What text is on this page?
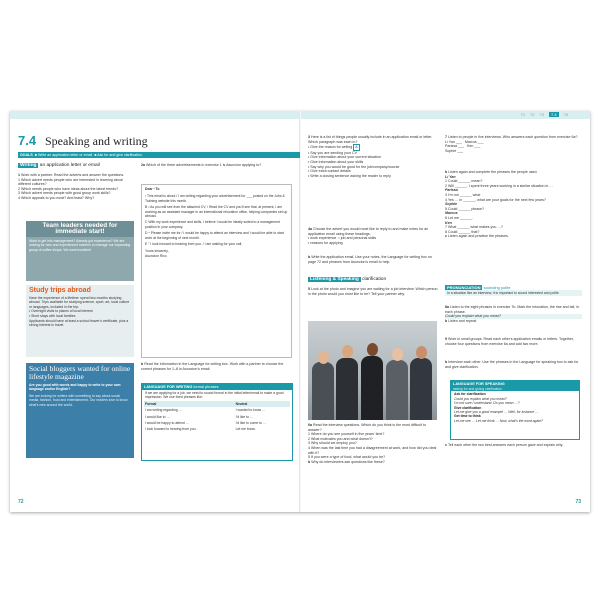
71 72 73	7.4	75
7.4 Speaking and writing
GOALS  ■ Write an application letter or email  ■ Ask for and give clarification
Writing an application letter or email
1 Work with a partner. Read the adverts and answer the questions.
1 Which advert needs people who are interested in learning about different cultures?
2 Which needs people who have ideas about the latest trends?
3 Which advert needs people with good group work skills?
4 Which appeals to you most? And least? Why?
Team leaders needed for immediate start!
Want to get into management? Already got experience? We are looking for new and experienced trainees to manage our expanding group of coffee shops. We want excellent
Study trips abroad
Have the experience of a lifetime: spend two months studying abroad. Trips available for studying science, sport, art, local culture or languages, included in the trip:
• Overnight visits to places of local interest
• Short stays with local families
Applicants should have at least a school leaver's certificate, plus a strong interest in travel.
Social bloggers wanted for online lifestyle magazine
Are you good with words and happy to write to your own language and/or English?
We are looking for writers with something to say about social media, fashion, food and entertainment. Our readers love to know what's new around the world.
2a Which of the three advertisements in exercise 1 is Asuncion applying to?
Dear ¹ To
¹ This email is about / I am writing regarding your advertisement for ___ posted on the Jobs & Training website this month.
B ² As you will see from the attached CV, / Read the CV and you'll see that, at present, I am working as an assistant manager in an international relocation office, helping companies set up abroad.
C With my work experience and skills, I believe I would be ideally suited to a management position in your company.
D ⁴ Please invite me for / I would be happy to attend an interview and I would be able to start work at the beginning of next month.
E ⁷ I look forward to hearing from you. / I am waiting for your call.
Yours sincerely,
Asuncion Rico
b Read the information in the Language for writing box. Work with a partner to choose the correct phrases for 1–8 in Asuncion's email.
LANGUAGE FOR WRITING formal phrases
If we are applying for a job, we need to sound formal in the initial letter/email to make a good impression. We use fixed phrases like:
Formal	Neutral
I am writing regarding …	I wanted to know …
I would like to …	I'd like to …
I would be happy to attend …	I'd like to come to …
I look forward to hearing from you.	Let me know.
72
3 Here is a list of things people usually include in an application email or letter. Which paragraph was each in?
• Give the reason for writing A
• Say you are sending your CV
• Give information about your current situation
• Give information about your skills
• Say why you would be good for the job/company/course
• Give extra contact details
• Write a closing sentence asking the reader to reply
4a Choose the advert you would most like to reply to and make notes for an application email using these headings.
• work experience  • job and personal skills
• reasons for applying
b Write the application email. Use your notes, the Language for writing box on page 72 and phrases from Asuncion's email to help.
Listening & Speaking clarification
5 Look at the photo and imagine you are waiting for a job interview. Which person in the photo would you most like to be? Tell your partner why.
6a Read the interview questions. Which do you think is the most difficult to answer?
1 Where do you see yourself in five years' time?
2 What motivates you and what doesn't?
3 Why should we employ you?
4 When was the last time you had a disagreement at work, and how did you deal with it?
5 If you were a type of food, what would you be?
b Why do interviewers ask questions like these?
7 Listen to people in five interviews. Who answers each question from exercise 6a?
Li Yan ___ Marcus ___
Parissa ___ Ken ___
Sophie ___
b Listen again and complete the phrases the people used.
Li Yan
1 Could ______ mean?
2 Will ______. I spent three years working in a similar situation in …
Parissa
3 I'm not ______ what
4 Yes … in ______, what are your goals for the next few years?
Sophie
5 Could ______ please?
Marcus
6 Let me ______.
Ken
7 What ______ what makes you …?
8 Could ______ that?
c Listen again and practise the phrases.
PRONUNCIATION sounding polite
In a situation like an interview, it is important to sound interested and polite.
8a Listen to the eight phrases in exercise 7b. Mark the intonation, the rise and fall, in each phrase.
Could you explain what you mean?
b Listen and repeat.
9 Work in small groups. Read each other's application emails or letters. Together, choose four questions from exercise 6a and add two more.
b Interview each other. Use the phrases in the Language for speaking box to ask for and give clarification.
LANGUAGE FOR SPEAKING
asking for and giving clarification
Ask for clarification
Could you explain what you mean?
I'm not sure I understand. Do you mean …?
Give clarification
Let me give you a good example … Well, for instance …
Get time to think
Let me see … Let me think … Now, what's the word again?
c Tell each other the two best answers each person gave and explain why.
73
